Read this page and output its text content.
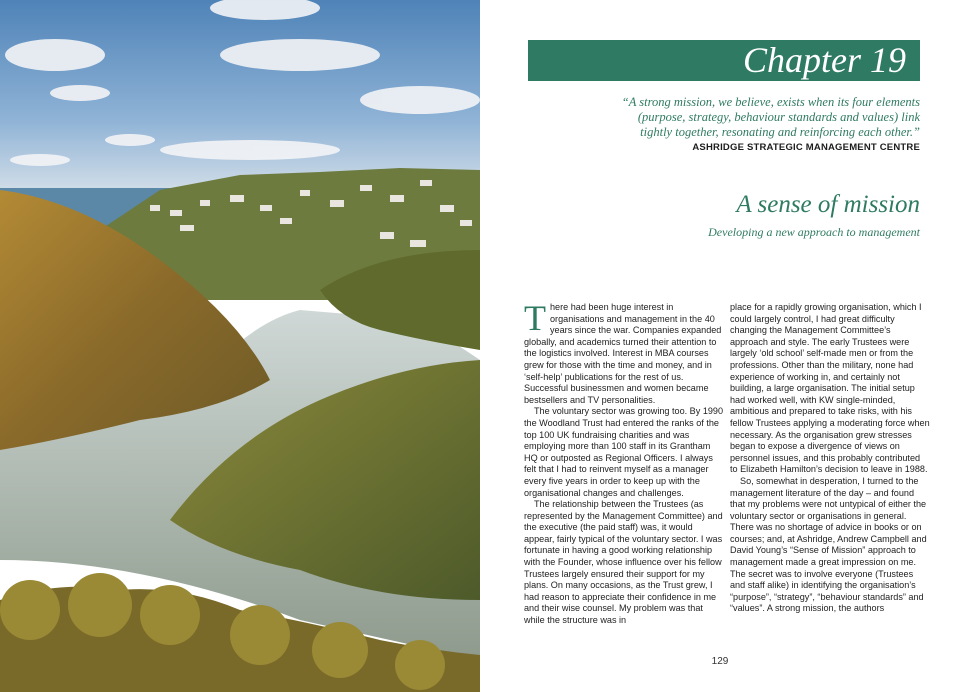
Chapter 19
“A strong mission, we believe, exists when its four elements
(purpose, strategy, behaviour standards and values) link
tightly together, resonating and reinforcing each other.”
ASHRIDGE STRATEGIC MANAGEMENT CENTRE
A sense of mission
Developing a new approach to management

There had been huge interest in organisations and management in the 40 years since the war. Companies expanded globally, and academics turned their attention to the logistics involved. Interest in MBA courses grew for those with the time and money, and in ‘self-help’ publications for the rest of us. Successful businessmen and women became bestsellers and TV personalities.

The voluntary sector was growing too. By 1990 the Woodland Trust had entered the ranks of the top 100 UK fundraising charities and was employing more than 100 staff in its Grantham HQ or outposted as Regional Officers. I always felt that I had to reinvent myself as a manager every five years in order to keep up with the organisational changes and challenges.

The relationship between the Trustees (as represented by the Management Committee) and the executive (the paid staff) was, it would appear, fairly typical of the voluntary sector. I was fortunate in having a good working relationship with the Founder, whose influence over his fellow Trustees largely ensured their support for my plans. On many occasions, as the Trust grew, I had reason to appreciate their confidence in me and their wise counsel. My problem was that while the structure was in

place for a rapidly growing organisation, which I could largely control, I had great difficulty changing the Management Committee’s approach and style. The early Trustees were largely ‘old school’ self-made men or from the professions. Other than the military, none had experience of working in, and certainly not building, a large organisation. The initial setup had worked well, with KW single-minded, ambitious and prepared to take risks, with his fellow Trustees applying a moderating force when necessary. As the organisation grew stresses began to expose a divergence of views on personnel issues, and this probably contributed to Elizabeth Hamilton’s decision to leave in 1988.

So, somewhat in desperation, I turned to the management literature of the day – and found that my problems were not untypical of either the voluntary sector or organisations in general. There was no shortage of advice in books or on courses; and, at Ashridge, Andrew Campbell and David Young’s “Sense of Mission” approach to management made a great impression on me. The secret was to involve everyone (Trustees and staff alike) in identifying the organisation’s “purpose”, “strategy”, “behaviour standards” and “values”. A strong mission, the authors

129
